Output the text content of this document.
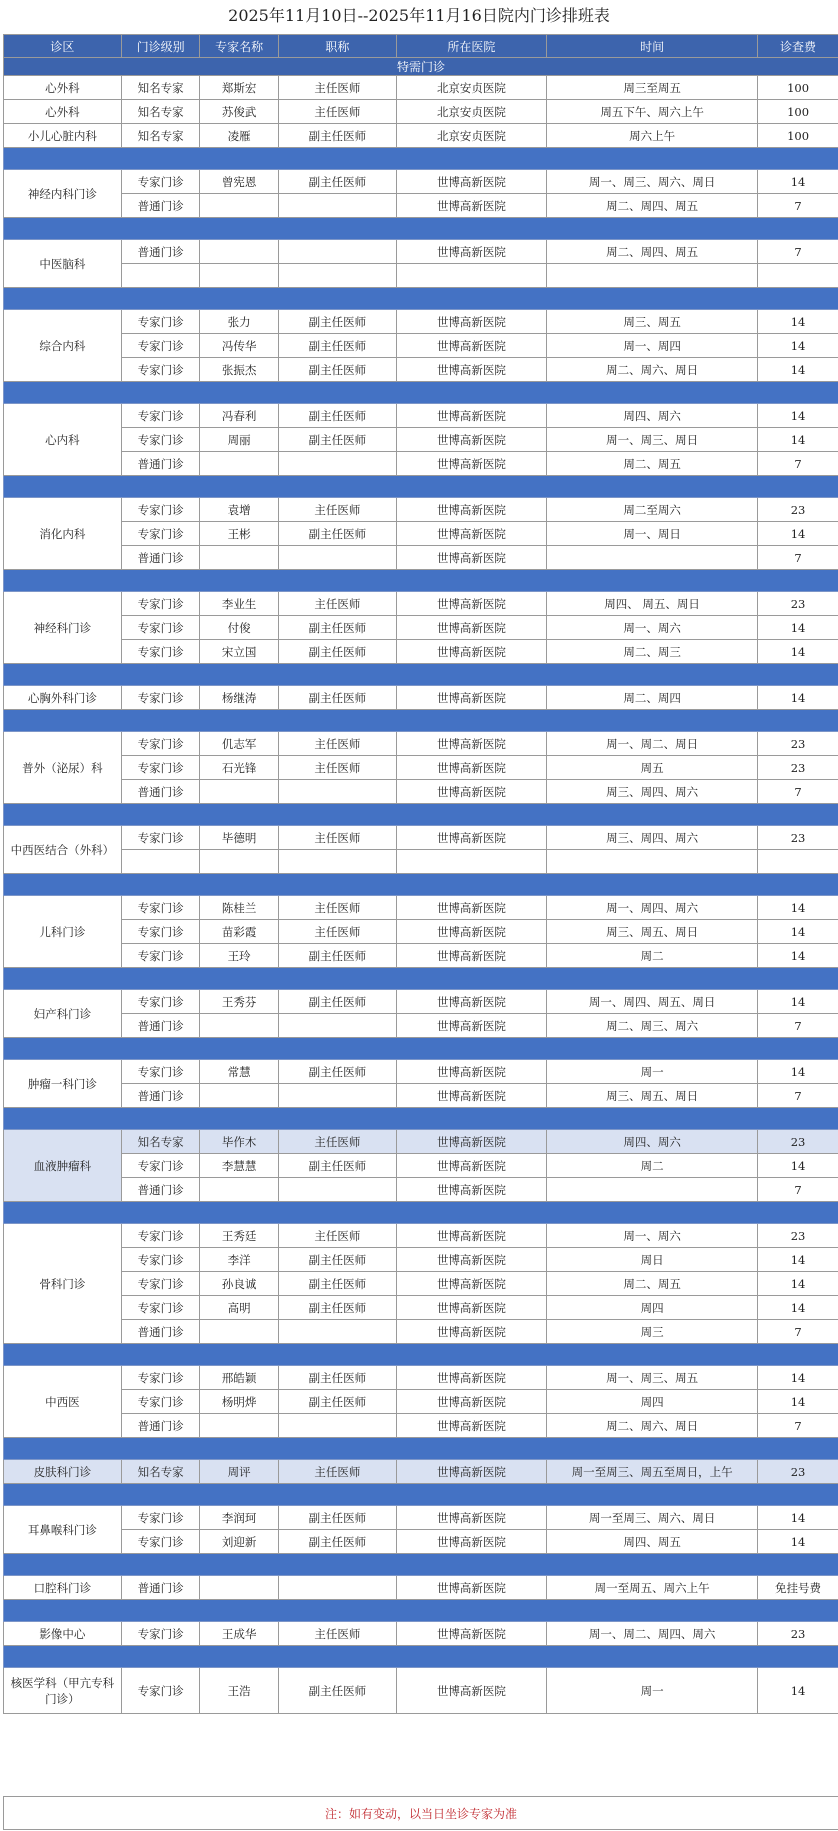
2025年11月10日--2025年11月16日院内门诊排班表
诊区	门诊级别	专家名称	职称	所在医院	时间	诊查费
特需门诊						
心外科	知名专家	郑斯宏	主任医师	北京安贞医院	周三至周五	100
心外科	知名专家	苏俊武	主任医师	北京安贞医院	周五下午、周六上午	100
小儿心脏内科	知名专家	凌雁	副主任医师	北京安贞医院	周六上午	100

神经内科门诊	专家门诊	曾宪恩	副主任医师	世博高新医院	周一、周三、周六、周日	14
	普通门诊			世博高新医院	周二、周四、周五	7

中医脑科	普通门诊			世博高新医院	周二、周四、周五	7

综合内科	专家门诊	张力	副主任医师	世博高新医院	周三、周五	14
	专家门诊	冯传华	副主任医师	世博高新医院	周一、周四	14
	专家门诊	张振杰	副主任医师	世博高新医院	周二、周六、周日	14

心内科	专家门诊	冯春利	副主任医师	世博高新医院	周四、周六	14
	专家门诊	周丽	副主任医师	世博高新医院	周一、周三、周日	14
	普通门诊			世博高新医院	周二、周五	7

消化内科	专家门诊	袁增	主任医师	世博高新医院	周二至周六	23
	专家门诊	王彬	副主任医师	世博高新医院	周一、周日	14
	普通门诊			世博高新医院		7

神经科门诊	专家门诊	李业生	主任医师	世博高新医院	周四、 周五、周日	23
	专家门诊	付俊	副主任医师	世博高新医院	周一、周六	14
	专家门诊	宋立国	副主任医师	世博高新医院	周二、周三	14

心胸外科门诊	专家门诊	杨继涛	副主任医师	世博高新医院	周二、周四	14

普外（泌尿）科	专家门诊	仉志军	主任医师	世博高新医院	周一、周二、周日	23
	专家门诊	石光锋	主任医师	世博高新医院	周五	23
	普通门诊			世博高新医院	周三、周四、周六	7

中西医结合（外科）	专家门诊	毕德明	主任医师	世博高新医院	周三、周四、周六	23

儿科门诊	专家门诊	陈桂兰	主任医师	世博高新医院	周一、周四、周六	14
	专家门诊	苗彩霞	主任医师	世博高新医院	周三、周五、周日	14
	专家门诊	王玲	副主任医师	世博高新医院	周二	14

妇产科门诊	专家门诊	王秀芬	副主任医师	世博高新医院	周一、周四、周五、周日	14
	普通门诊			世博高新医院	周二、周三、周六	7

肿瘤一科门诊	专家门诊	常慧	副主任医师	世博高新医院	周一	14
	普通门诊			世博高新医院	周三、周五、周日	7

血液肿瘤科	知名专家	毕作木	主任医师	世博高新医院	周四、周六	23
	专家门诊	李慧慧	副主任医师	世博高新医院	周二	14
	普通门诊			世博高新医院		7

骨科门诊	专家门诊	王秀廷	主任医师	世博高新医院	周一、周六	23
	专家门诊	李洋	副主任医师	世博高新医院	周日	14
	专家门诊	孙良诚	副主任医师	世博高新医院	周二、周五	14
	专家门诊	高明	副主任医师	世博高新医院	周四	14
	普通门诊			世博高新医院	周三	7

中西医	专家门诊	邢皓颖	副主任医师	世博高新医院	周一、周三、周五	14
	专家门诊	杨明烨	副主任医师	世博高新医院	周四	14
	普通门诊			世博高新医院	周二、周六、周日	7

皮肤科门诊	知名专家	周评	主任医师	世博高新医院	周一至周三、周五至周日，上午	23

耳鼻喉科门诊	专家门诊	李润珂	副主任医师	世博高新医院	周一至周三、周六、周日	14
	专家门诊	刘迎新	副主任医师	世博高新医院	周四、周五	14

口腔科门诊	普通门诊			世博高新医院	周一至周五、周六上午	免挂号费

影像中心	专家门诊	王成华	主任医师	世博高新医院	周一、周二、周四、周六	23

核医学科（甲亢专科门诊）	专家门诊	王浩	副主任医师	世博高新医院	周一	14
注：如有变动，以当日坐诊专家为准
